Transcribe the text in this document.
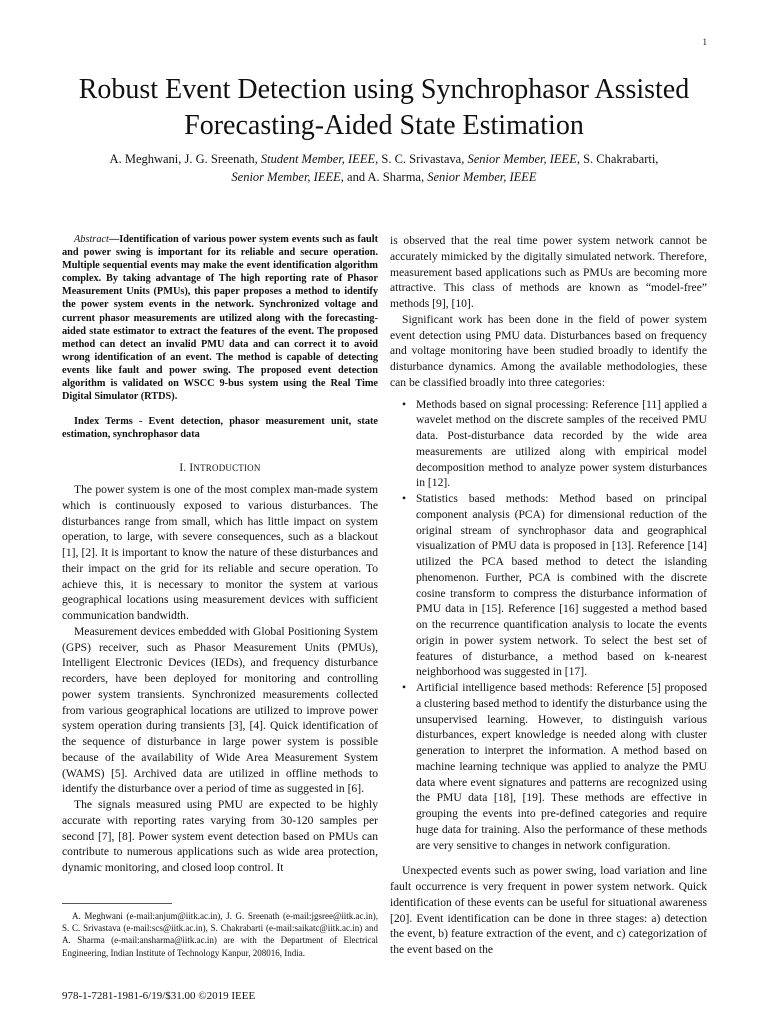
1
Robust Event Detection using Synchrophasor Assisted Forecasting-Aided State Estimation
A. Meghwani, J. G. Sreenath, Student Member, IEEE, S. C. Srivastava, Senior Member, IEEE, S. Chakrabarti,
Senior Member, IEEE, and A. Sharma, Senior Member, IEEE
Abstract—Identification of various power system events such as fault and power swing is important for its reliable and secure operation. Multiple sequential events may make the event identification algorithm complex. By taking advantage of The high reporting rate of Phasor Measurement Units (PMUs), this paper proposes a method to identify the power system events in the network. Synchronized voltage and current phasor measurements are utilized along with the forecasting-aided state estimator to extract the features of the event. The proposed method can detect an invalid PMU data and can correct it to avoid wrong identification of an event. The method is capable of detecting events like fault and power swing. The proposed event detection algorithm is validated on WSCC 9-bus system using the Real Time Digital Simulator (RTDS).
Index Terms - Event detection, phasor measurement unit, state estimation, synchrophasor data
I. INTRODUCTION

The power system is one of the most complex man-made system which is continuously exposed to various disturbances. The disturbances range from small, which has little impact on system operation, to large, with severe consequences, such as a blackout [1], [2]. It is important to know the nature of these disturbances and their impact on the grid for its reliable and secure operation. To achieve this, it is necessary to monitor the system at various geographical locations using measurement devices with sufficient communication bandwidth.

Measurement devices embedded with Global Positioning System (GPS) receiver, such as Phasor Measurement Units (PMUs), Intelligent Electronic Devices (IEDs), and frequency disturbance recorders, have been deployed for monitoring and controlling power system transients. Synchronized measurements collected from various geographical locations are utilized to improve power system operation during transients [3], [4]. Quick identification of the sequence of disturbance in large power system is possible because of the availability of Wide Area Measurement System (WAMS) [5]. Archived data are utilized in offline methods to identify the disturbance over a period of time as suggested in [6].

The signals measured using PMU are expected to be highly accurate with reporting rates varying from 30-120 samples per second [7], [8]. Power system event detection based on PMUs can contribute to numerous applications such as wide area protection, dynamic monitoring, and closed loop control. It

A. Meghwani (e-mail:anjum@iitk.ac.in), J. G. Sreenath (e-mail:jgsree@iitk.ac.in), S. C. Srivastava (e-mail:scs@iitk.ac.in), S. Chakrabarti (e-mail:saikatc@iitk.ac.in) and A. Sharma (e-mail:ansharma@iitk.ac.in) are with the Department of Electrical Engineering, Indian Institute of Technology Kanpur, 208016, India.
978-1-7281-1981-6/19/$31.00 ©2019 IEEE

is observed that the real time power system network cannot be accurately mimicked by the digitally simulated network. Therefore, measurement based applications such as PMUs are becoming more attractive. This class of methods are known as “model-free” methods [9], [10].

Significant work has been done in the field of power system event detection using PMU data. Disturbances based on frequency and voltage monitoring have been studied broadly to identify the disturbance dynamics. Among the available methodologies, these can be classified broadly into three categories:

• Methods based on signal processing: Reference [11] applied a wavelet method on the discrete samples of the received PMU data. Post-disturbance data recorded by the wide area measurements are utilized along with empirical model decomposition method to analyze power system disturbances in [12].
• Statistics based methods: Method based on principal component analysis (PCA) for dimensional reduction of the original stream of synchrophasor data and geographical visualization of PMU data is proposed in [13]. Reference [14] utilized the PCA based method to detect the islanding phenomenon. Further, PCA is combined with the discrete cosine transform to compress the disturbance information of PMU data in [15]. Reference [16] suggested a method based on the recurrence quantification analysis to locate the events origin in power system network. To select the best set of features of disturbance, a method based on k-nearest neighborhood was suggested in [17].
• Artificial intelligence based methods: Reference [5] proposed a clustering based method to identify the disturbance using the unsupervised learning. However, to distinguish various disturbances, expert knowledge is needed along with cluster generation to interpret the information. A method based on machine learning technique was applied to analyze the PMU data where event signatures and patterns are recognized using the PMU data [18], [19]. These methods are effective in grouping the events into pre-defined categories and require huge data for training. Also the performance of these methods are very sensitive to changes in network configuration.

Unexpected events such as power swing, load variation and line fault occurrence is very frequent in power system network. Quick identification of these events can be useful for situational awareness [20]. Event identification can be done in three stages: a) detection the event, b) feature extraction of the event, and c) categorization of the event based on the
